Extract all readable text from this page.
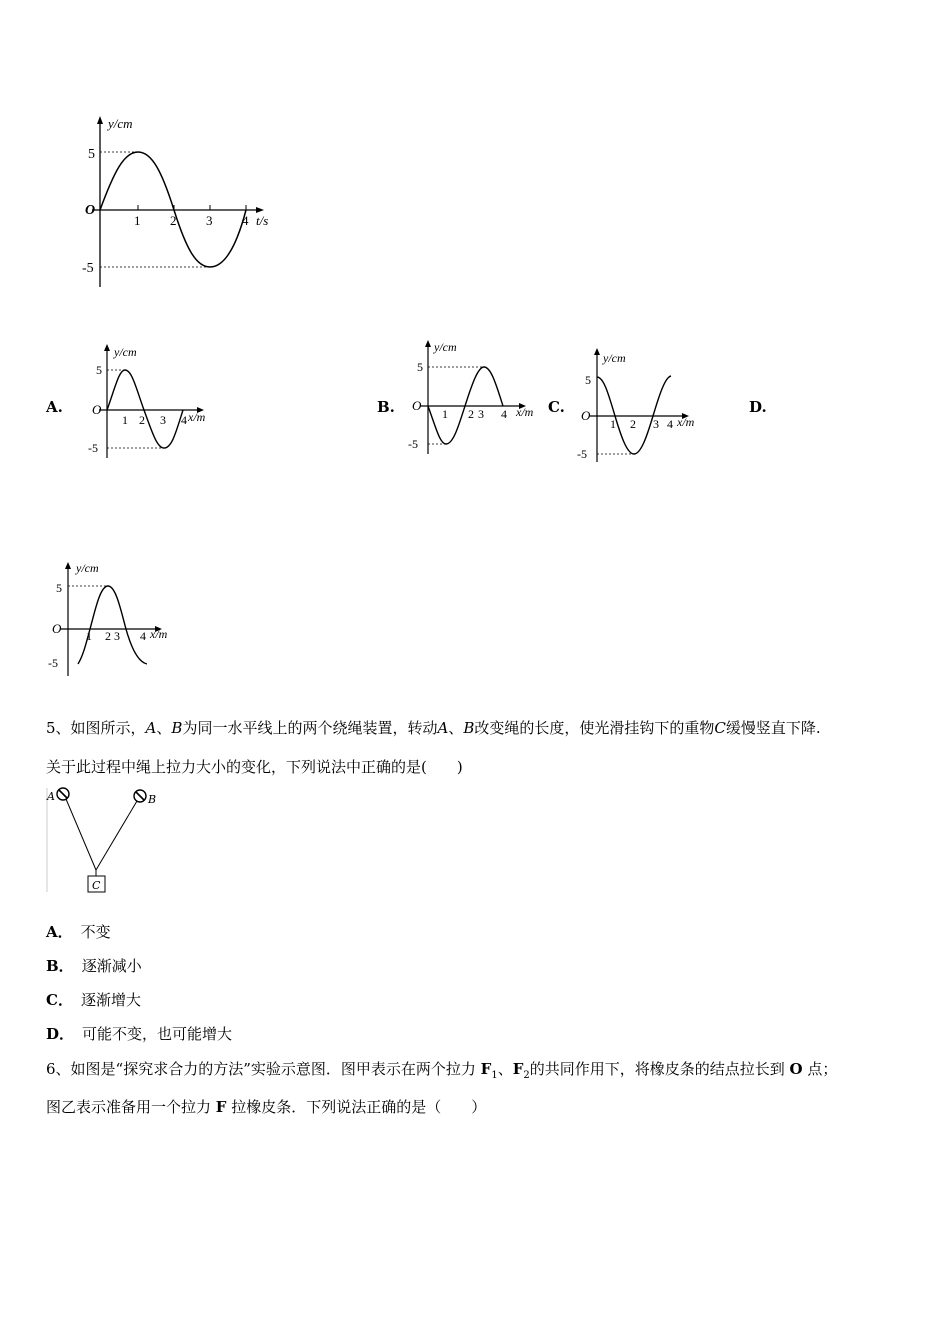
y/cm
O
5
-5
1 2 3 4 t/s
A.	B.	C.	D.
y/cm
5
O
-5
1 2 3 4 x/m
y/cm
5
O
-5
1 2 3 4 x/m
y/cm
5
O
-5
1 2 3 4 x/m
y/cm
5
O
-5
1 2 3 4 x/m
5、如图所示，A、B为同一水平线上的两个绕绳装置，转动A、B改变绳的长度，使光滑挂钩下的重物C缓慢竖直下降.
关于此过程中绳上拉力大小的变化，下列说法中正确的是(　　)
A	B
C
A． 不变
B． 逐渐减小
C． 逐渐增大
D． 可能不变，也可能增大
6、如图是“探究求合力的方法”实验示意图．图甲表示在两个拉力 $F_1$、$F_2$的共同作用下，将橡皮条的结点拉长到 O 点；
图乙表示准备用一个拉力 F 拉橡皮条．下列说法正确的是（　　）
